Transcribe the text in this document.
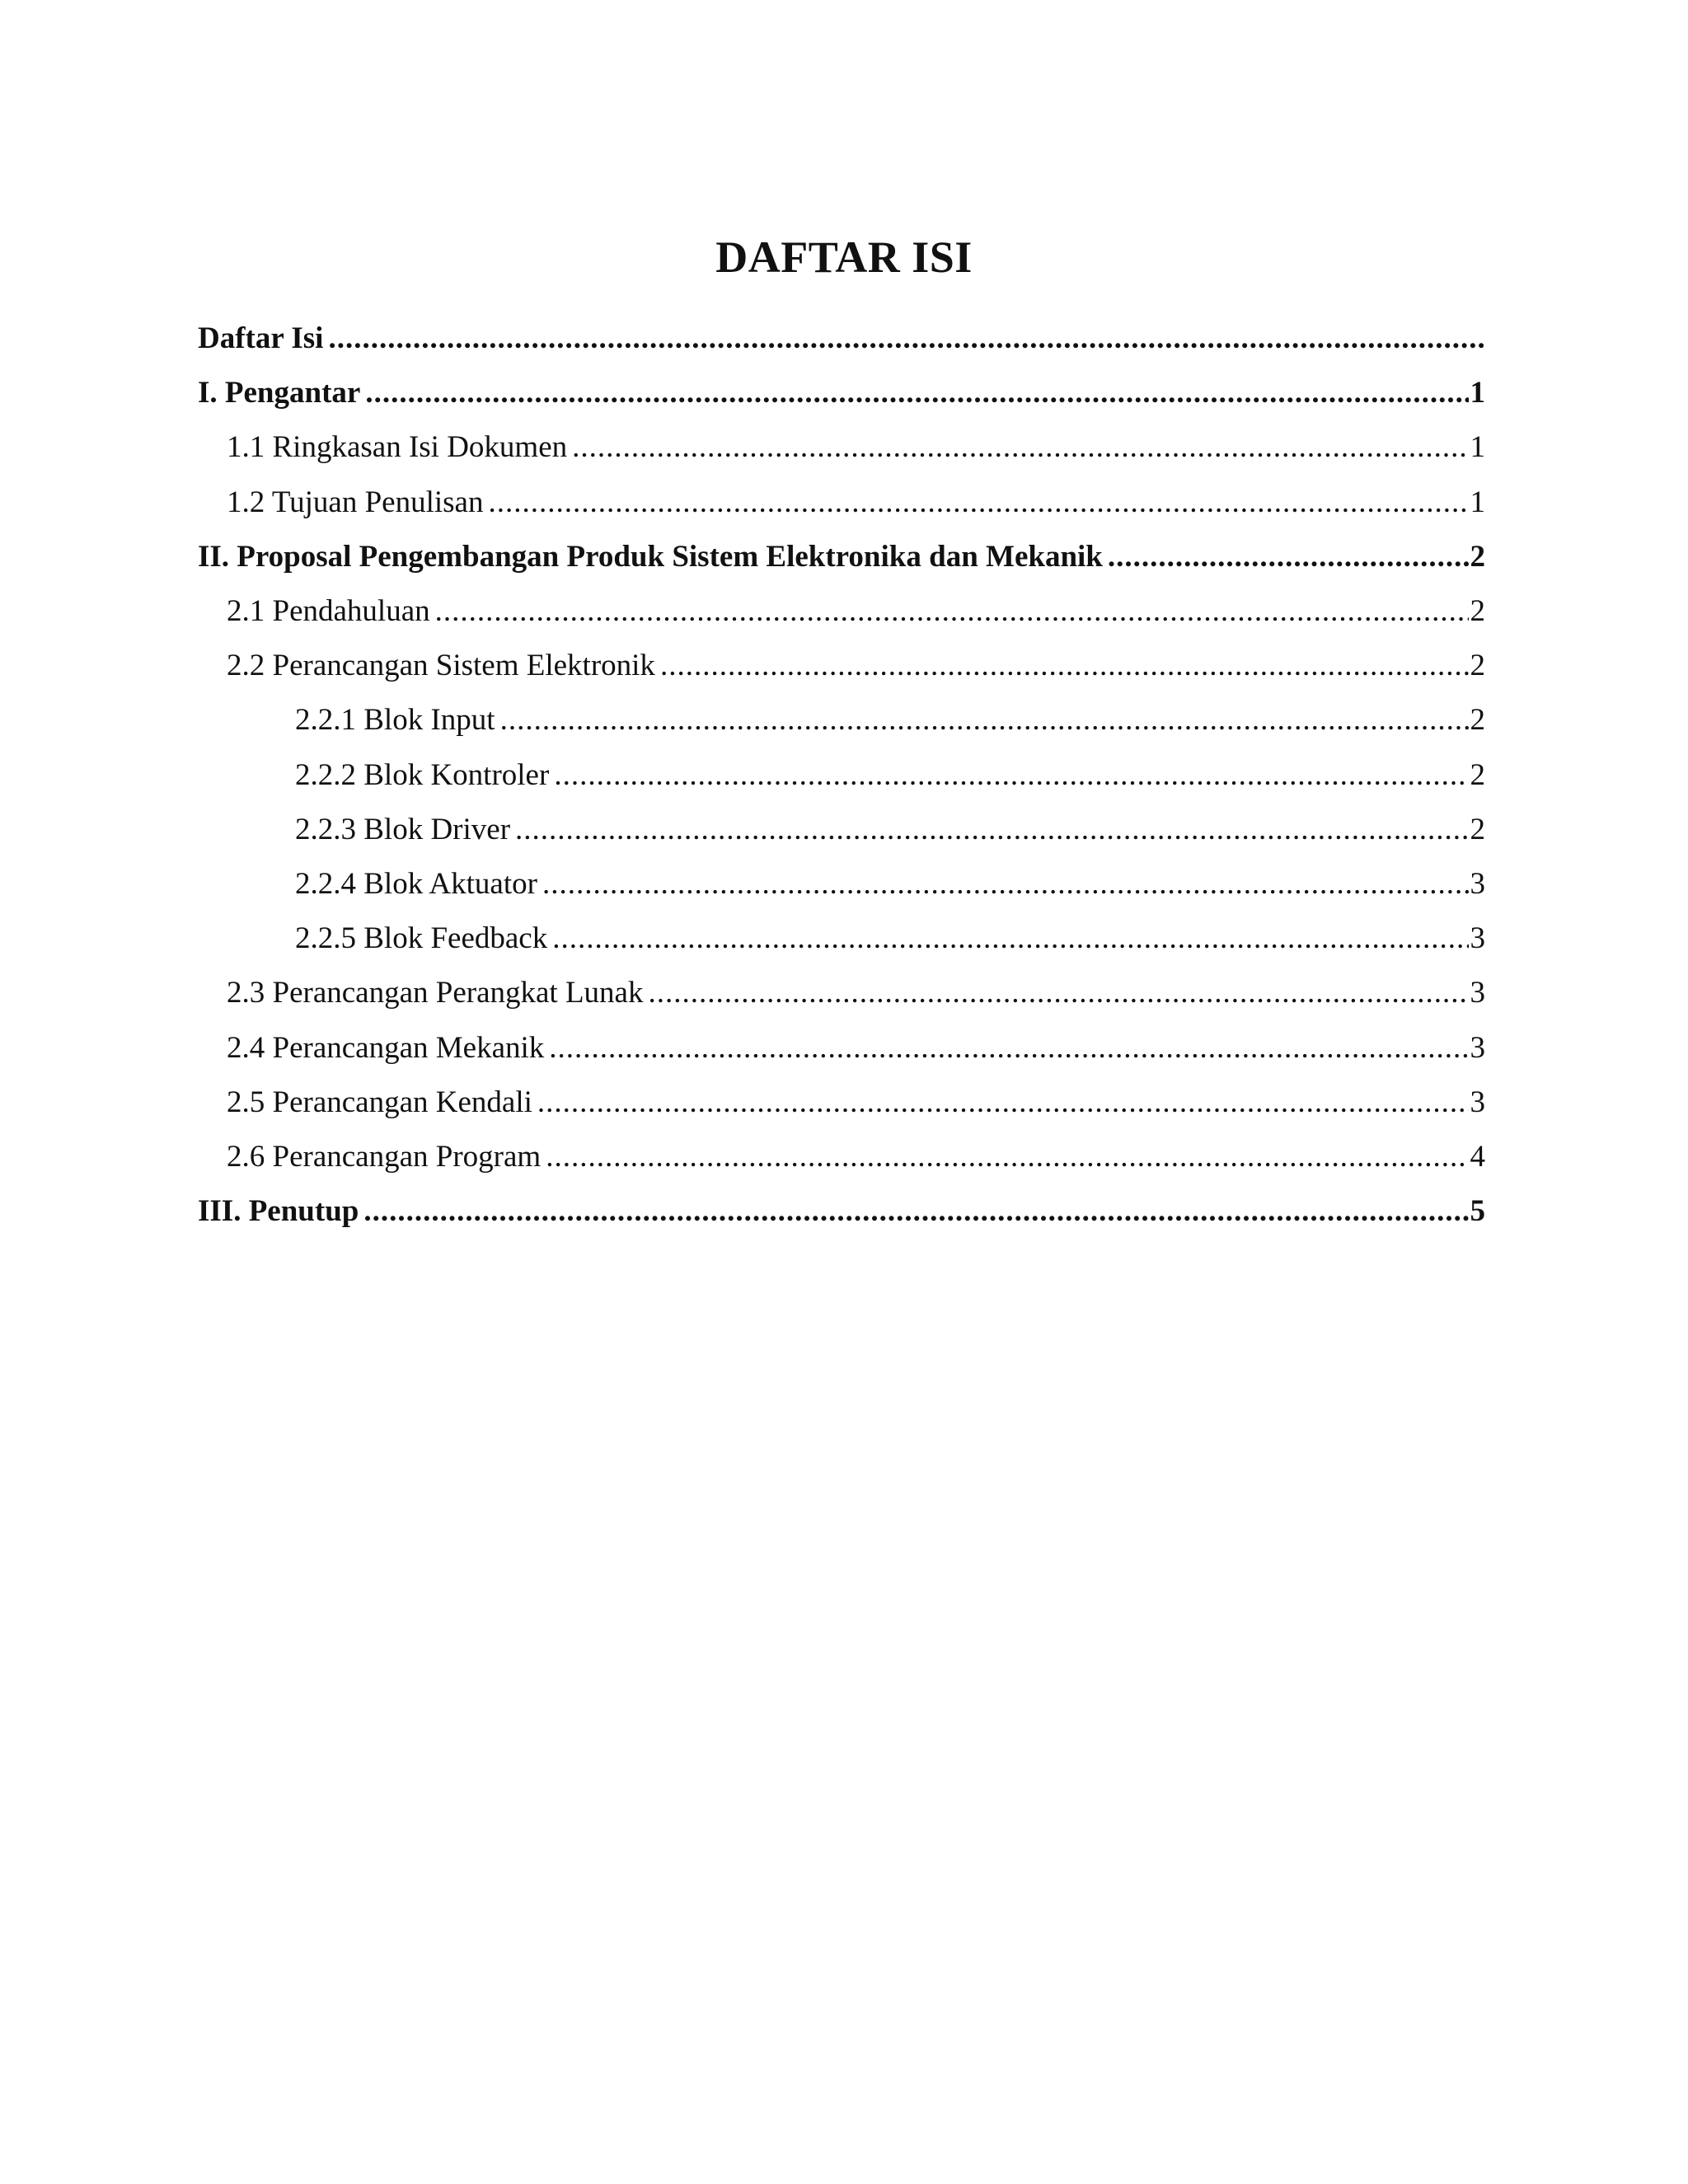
DAFTAR ISI
Daftar Isi
.....
I. Pengantar .....	1
1.1 Ringkasan Isi Dokumen .....	1
1.2 Tujuan Penulisan .....	1
II. Proposal Pengembangan Produk Sistem Elektronika dan Mekanik .....	2
2.1 Pendahuluan .....	2
2.2 Perancangan Sistem Elektronik .....	2
2.2.1 Blok Input .....	2
2.2.2 Blok Kontroler .....	2
2.2.3 Blok Driver .....	2
2.2.4 Blok Aktuator .....	3
2.2.5 Blok Feedback .....	3
2.3 Perancangan Perangkat Lunak .....	3
2.4 Perancangan Mekanik .....	3
2.5 Perancangan Kendali .....	3
2.6 Perancangan Program .....	4
III. Penutup .....	5
